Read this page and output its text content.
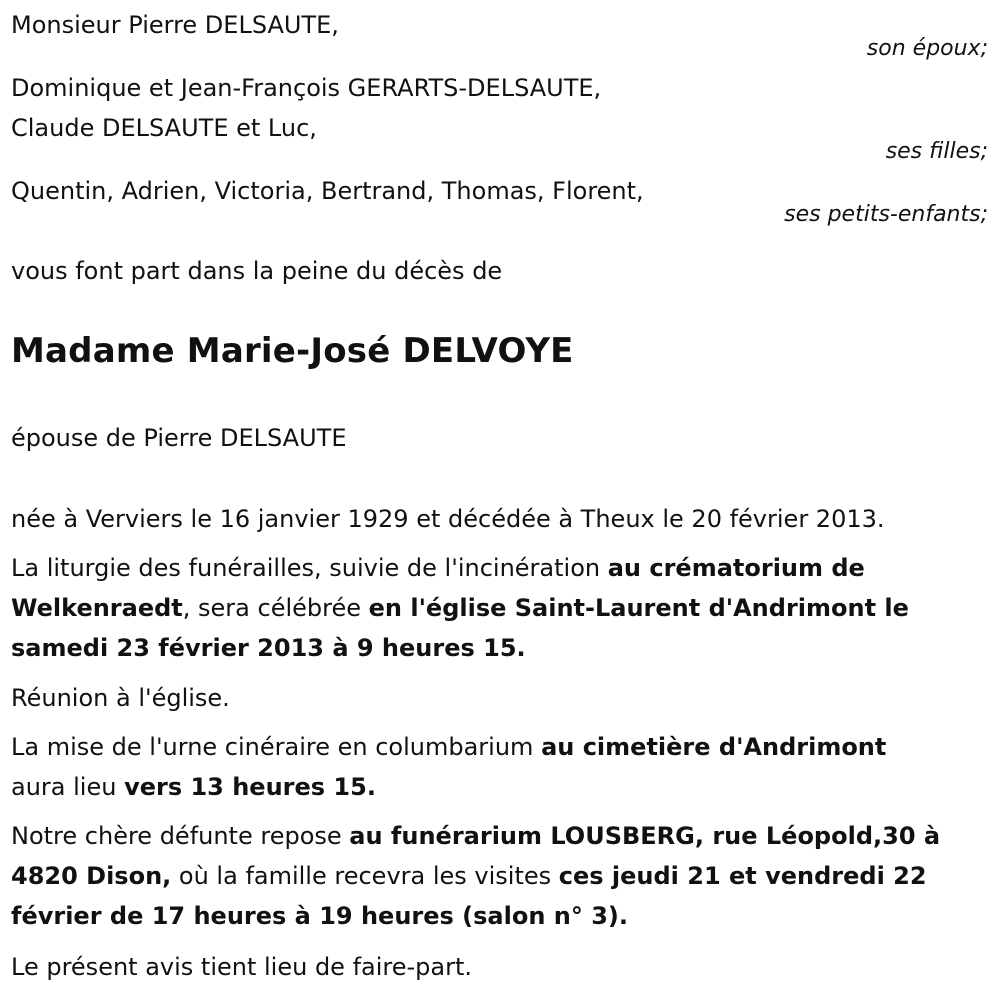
Monsieur Pierre DELSAUTE,
son époux;
Dominique et Jean-François GERARTS-DELSAUTE,
Claude DELSAUTE et Luc,
ses filles;
Quentin, Adrien, Victoria, Bertrand, Thomas, Florent,
ses petits-enfants;
vous font part dans la peine du décès de
Madame Marie-José DELVOYE
épouse de Pierre DELSAUTE
née à Verviers le 16 janvier 1929 et décédée à Theux le 20 février 2013.
La liturgie des funérailles, suivie de l'incinération au crématorium de
Welkenraedt, sera célébrée en l'église Saint-Laurent d'Andrimont le
samedi 23 février 2013 à 9 heures 15.
Réunion à l'église.
La mise de l'urne cinéraire en columbarium au cimetière d'Andrimont
aura lieu vers 13 heures 15.
Notre chère défunte repose au funérarium LOUSBERG, rue Léopold,30 à
4820 Dison, où la famille recevra les visites ces jeudi 21 et vendredi 22
février de 17 heures à 19 heures (salon n° 3).
Le présent avis tient lieu de faire-part.
